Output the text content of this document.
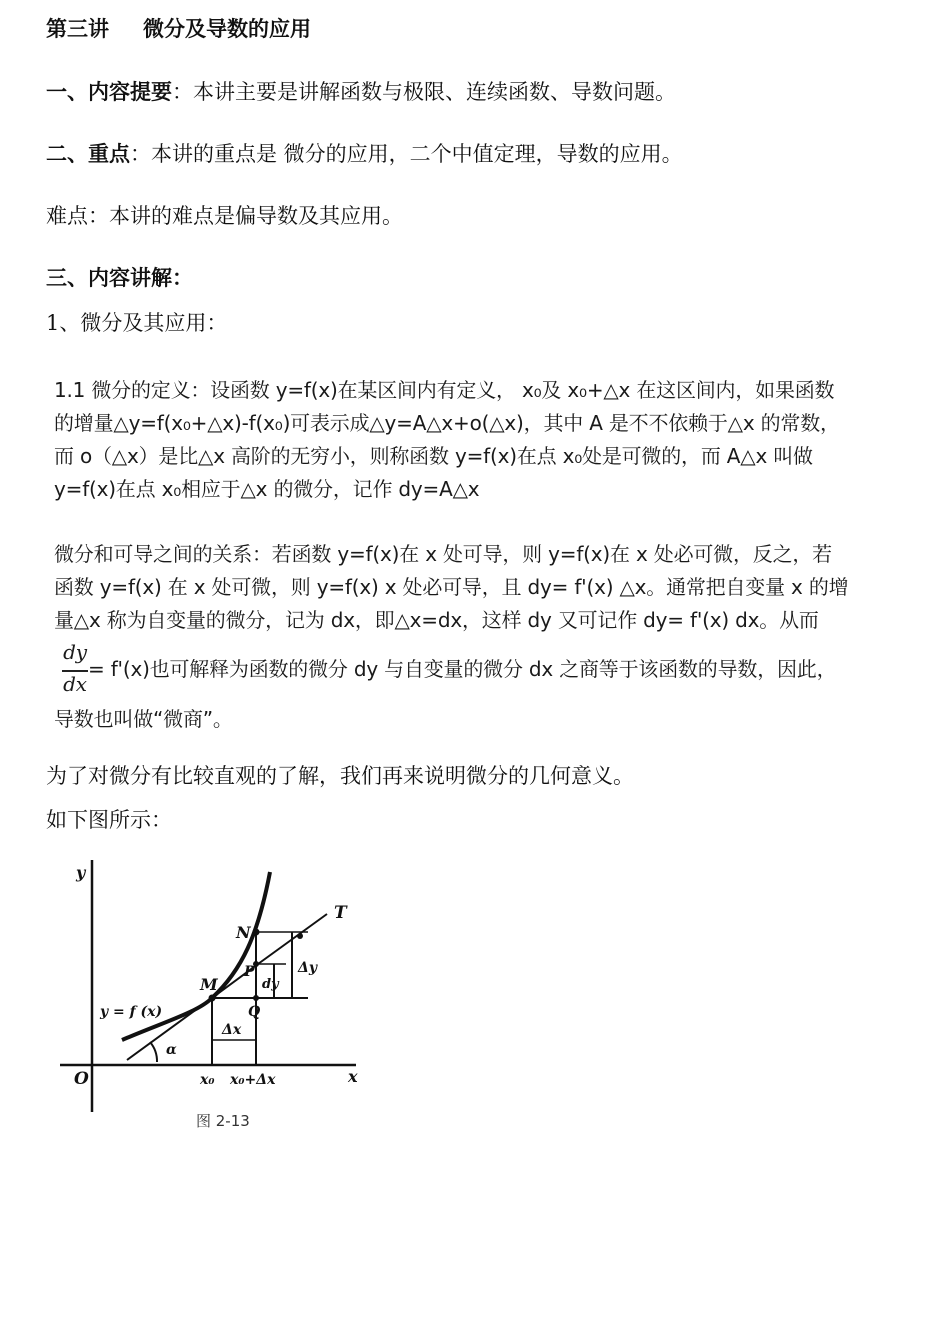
第三讲 微分及导数的应用
一、内容提要：本讲主要是讲解函数与极限、连续函数、导数问题。
二、重点：本讲的重点是 微分的应用，二个中值定理，导数的应用。
难点：本讲的难点是偏导数及其应用。
三、内容讲解：
1、微分及其应用：
1.1 微分的定义：设函数 y=f(x)在某区间内有定义， x₀及 x₀+△x 在这区间内，如果函数
的增量△y=f(x₀+△x)-f(x₀)可表示成△y=A△x+o(△x)，其中 A 是不不依赖于△x 的常数，
而 o（△x）是比△x 高阶的无穷小，则称函数 y=f(x)在点 x₀处是可微的，而 A△x 叫做
y=f(x)在点 x₀相应于△x 的微分，记作 dy=A△x
微分和可导之间的关系：若函数 y=f(x)在 x 处可导，则 y=f(x)在 x 处必可微，反之，若
函数 y=f(x) 在 x 处可微，则 y=f(x) x 处必可导，且 dy= f'(x) △x。通常把自变量 x 的增
量△x 称为自变量的微分，记为 dx，即△x=dx，这样 dy 又可记作 dy= f'(x) dx。从而
dy
dx
= f'(x)也可解释为函数的微分 dy 与自变量的微分 dx 之商等于该函数的导数，因此，
导数也叫做“微商”。
为了对微分有比较直观的了解，我们再来说明微分的几何意义。
如下图所示：
y
x
O
y = f (x)
T
M
N
P
Q
Δy
dy
Δx
α
x₀ x₀+Δx
图 2-13
